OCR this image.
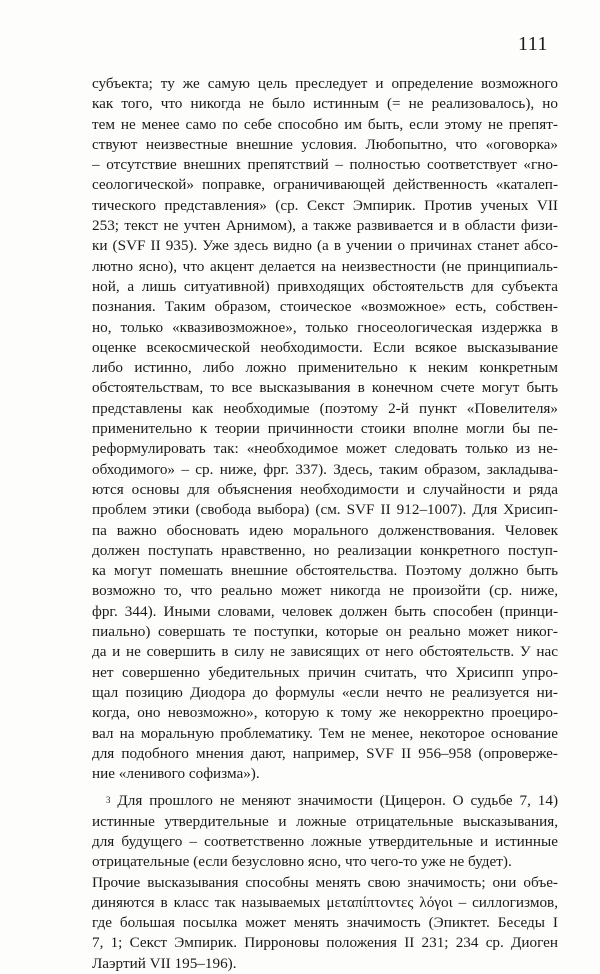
111
субъекта; ту же самую цель преследует и определение возможного
как того, что никогда не было истинным (= не реализовалось), но
тем не менее само по себе способно им быть, если этому не препят-
ствуют неизвестные внешние условия. Любопытно, что «оговорка»
– отсутствие внешних препятствий – полностью соответствует «гно-
сеологической» поправке, ограничивающей действенность «каталеп-
тического представления» (ср. Секст Эмпирик. Против ученых VII
253; текст не учтен Арнимом), а также развивается и в области физи-
ки (SVF II 935). Уже здесь видно (а в учении о причинах станет абсо-
лютно ясно), что акцент делается на неизвестности (не принципиаль-
ной, а лишь ситуативной) привходящих обстоятельств для субъекта
познания. Таким образом, стоическое «возможное» есть, собствен-
но, только «квазивозможное», только гносеологическая издержка в
оценке всекосмической необходимости. Если всякое высказывание
либо истинно, либо ложно применительно к неким конкретным
обстоятельствам, то все высказывания в конечном счете могут быть
представлены как необходимые (поэтому 2-й пункт «Повелителя»
применительно к теории причинности стоики вполне могли бы пе-
реформулировать так: «необходимое может следовать только из не-
обходимого» – ср. ниже, фрг. 337). Здесь, таким образом, закладыва-
ются основы для объяснения необходимости и случайности и ряда
проблем этики (свобода выбора) (см. SVF II 912–1007). Для Хрисип-
па важно обосновать идею морального долженствования. Человек
должен поступать нравственно, но реализации конкретного поступ-
ка могут помешать внешние обстоятельства. Поэтому должно быть
возможно то, что реально может никогда не произойти (ср. ниже,
фрг. 344). Иными словами, человек должен быть способен (принци-
пиально) совершать те поступки, которые он реально может никог-
да и не совершить в силу не зависящих от него обстоятельств. У нас
нет совершенно убедительных причин считать, что Хрисипп упро-
щал позицию Диодора до формулы «если нечто не реализуется ни-
когда, оно невозможно», которую к тому же некорректно проециро-
вал на моральную проблематику. Тем не менее, некоторое основание
для подобного мнения дают, например, SVF II 956–958 (опроверже-
ние «ленивого софизма»).
$^3$ Для прошлого не меняют значимости (Цицерон. О судьбе 7, 14)
истинные утвердительные и ложные отрицательные высказывания,
для будущего – соответственно ложные утвердительные и истинные
отрицательные (если безусловно ясно, что чего-то уже не будет).
Прочие высказывания способны менять свою значимость; они объе-
диняются в класс так называемых μεταπίπτοντες λόγοι – силлогизмов,
где большая посылка может менять значимость (Эпиктет. Беседы I
7, 1; Секст Эмпирик. Пирроновы положения II 231; 234 ср. Диоген
Лаэртий VII 195–196).
